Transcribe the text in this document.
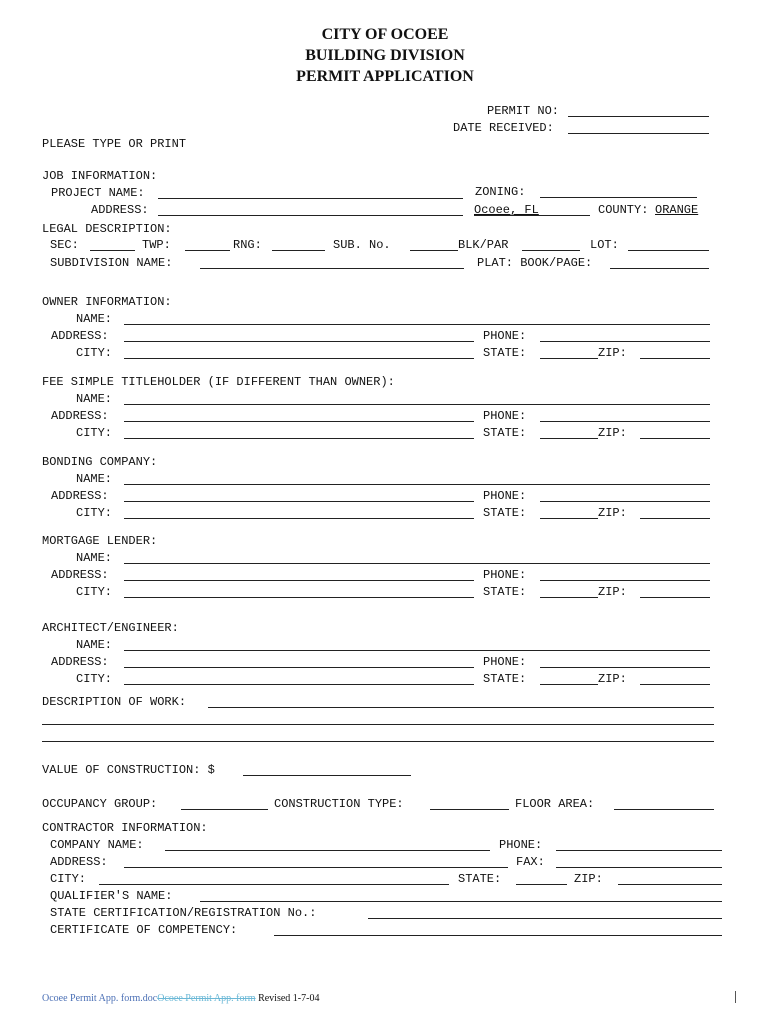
CITY OF OCOEE
BUILDING DIVISION
PERMIT APPLICATION
PERMIT NO:
DATE RECEIVED:
PLEASE TYPE OR PRINT
JOB INFORMATION:
PROJECT NAME:	ZONING:
ADDRESS:	Ocoee, FL	COUNTY: ORANGE
LEGAL DESCRIPTION:
SEC:	TWP:	RNG:	SUB. No.	BLK/PAR	LOT:
SUBDIVISION NAME:	PLAT: BOOK/PAGE:
OWNER INFORMATION:
NAME:
ADDRESS:	PHONE:
CITY:	STATE:	ZIP:
FEE SIMPLE TITLEHOLDER (IF DIFFERENT THAN OWNER):
NAME:
ADDRESS:	PHONE:
CITY:	STATE:	ZIP:
BONDING COMPANY:
NAME:
ADDRESS:	PHONE:
CITY:	STATE:	ZIP:
MORTGAGE LENDER:
NAME:
ADDRESS:	PHONE:
CITY:	STATE:	ZIP:
ARCHITECT/ENGINEER:
NAME:
ADDRESS:	PHONE:
CITY:	STATE:	ZIP:
DESCRIPTION OF WORK:
VALUE OF CONSTRUCTION: $
OCCUPANCY GROUP:	CONSTRUCTION TYPE:	FLOOR AREA:
CONTRACTOR INFORMATION:
COMPANY NAME:	PHONE:
ADDRESS:	FAX:
CITY:	STATE:	ZIP:
QUALIFIER'S NAME:
STATE CERTIFICATION/REGISTRATION No.:
CERTIFICATE OF COMPETENCY:
Ocoee Permit App. form.docOcoee Permit App. form Revised 1-7-04
